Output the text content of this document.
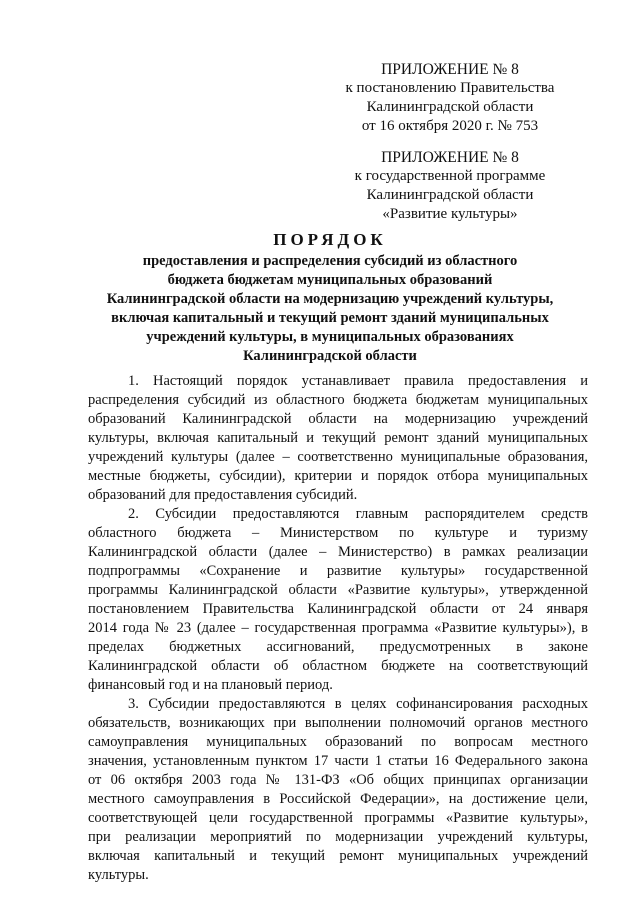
ПРИЛОЖЕНИЕ № 8
к постановлению Правительства
Калининградской области
от 16 октября 2020 г. № 753
ПРИЛОЖЕНИЕ № 8
к государственной программе
Калининградской области
«Развитие культуры»
ПОРЯДОК
предоставления и распределения субсидий из областного
бюджета бюджетам муниципальных образований
Калининградской области на модернизацию учреждений культуры,
включая капитальный и текущий ремонт зданий муниципальных
учреждений культуры, в муниципальных образованиях
Калининградской области
1. Настоящий порядок устанавливает правила предоставления и
распределения субсидий из областного бюджета бюджетам муниципальных
образований Калининградской области на модернизацию учреждений
культуры, включая капитальный и текущий ремонт зданий муниципальных
учреждений культуры (далее – соответственно муниципальные образования,
местные бюджеты, субсидии), критерии и порядок отбора муниципальных
образований для предоставления субсидий.
2. Субсидии предоставляются главным распорядителем средств
областного бюджета – Министерством по культуре и туризму
Калининградской области (далее – Министерство) в рамках реализации
подпрограммы «Сохранение и развитие культуры» государственной
программы Калининградской области «Развитие культуры», утвержденной
постановлением Правительства Калининградской области от 24 января
2014 года № 23 (далее – государственная программа «Развитие культуры»), в
пределах бюджетных ассигнований, предусмотренных в законе
Калининградской области об областном бюджете на соответствующий
финансовый год и на плановый период.
3. Субсидии предоставляются в целях софинансирования расходных
обязательств, возникающих при выполнении полномочий органов местного
самоуправления муниципальных образований по вопросам местного
значения, установленным пунктом 17 части 1 статьи 16 Федерального закона
от 06 октября 2003 года № 131-ФЗ «Об общих принципах организации
местного самоуправления в Российской Федерации», на достижение цели,
соответствующей цели государственной программы «Развитие культуры»,
при реализации мероприятий по модернизации учреждений культуры,
включая капитальный и текущий ремонт муниципальных учреждений
культуры.
